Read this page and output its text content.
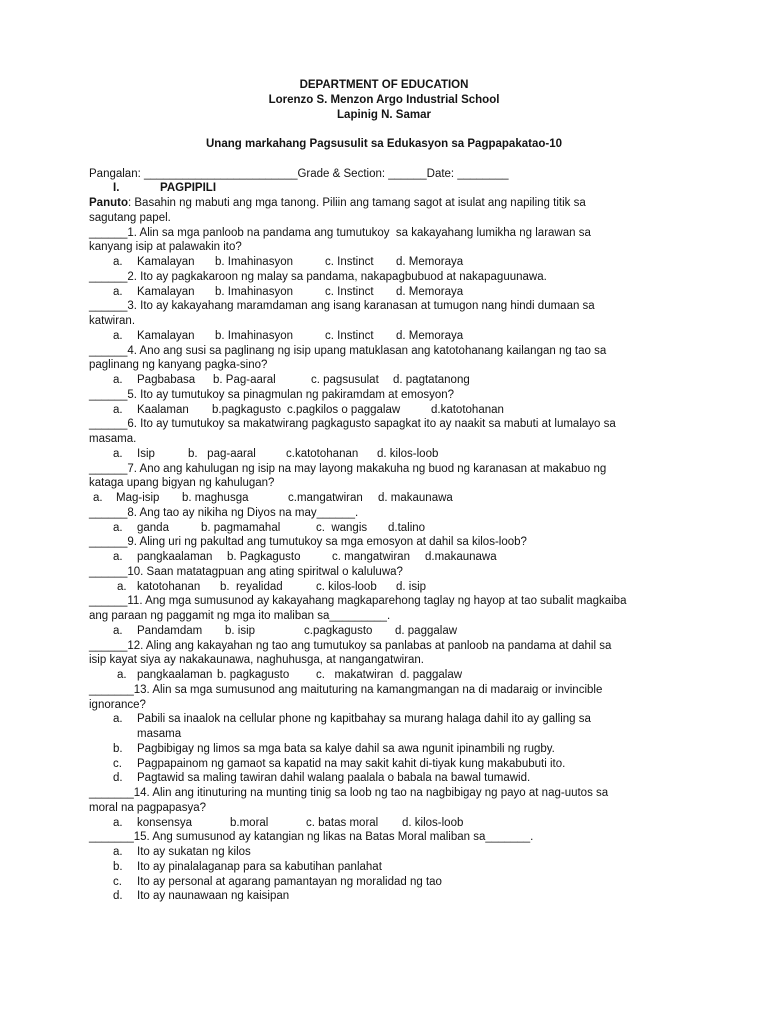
DEPARTMENT OF EDUCATION
Lorenzo S. Menzon Argo Industrial School
Lapinig N. Samar
Unang markahang Pagsusulit sa Edukasyon sa Pagpapakatao-10
Pangalan: ________________________Grade & Section: ______Date: ________

I.

	PAGPIPILI

Panuto: Basahin ng mabuti ang mga tanong. Piliin ang tamang sagot at isulat ang napiling titik sa
sagutang papel.
______1. Alin sa mga panloob na pandama ang tumutukoy  sa kakayahang lumikha ng larawan sa
kanyang isip at palawakin ito?

a.

Kamalayan

b. Imahinasyon

	c. Instinct

d. Memoraya

______2. Ito ay pagkakaroon ng malay sa pandama, nakapagbubuod at nakapaguunawa.

a.

Kamalayan

b. Imahinasyon

	c. Instinct

d. Memoraya

______3. Ito ay kakayahang maramdaman ang isang karanasan at tumugon nang hindi dumaan sa
katwiran.

a.

Kamalayan

b. Imahinasyon

	c. Instinct

d. Memoraya

______4. Ano ang susi sa paglinang ng isip upang matuklasan ang katotohanang kailangan ng tao sa
paglinang ng kanyang pagka-sino?

a.

Pagbabasa

b. Pag-aaral

	c. pagsusulat

d. pagtatanong

______5. Ito ay tumutukoy sa pinagmulan ng pakiramdam at emosyon?

a.

Kaalaman

b.pagkagusto

c.pagkilos o paggalaw

	d.katotohanan

______6. Ito ay tumutukoy sa makatwirang pagkagusto sapagkat ito ay naakit sa mabuti at lumalayo sa
masama.

a.

Isip

	b.   pag-aaral

	c.katotohanan

d. kilos-loob

______7. Ano ang kahulugan ng isip na may layong makakuha ng buod ng karanasan at makabuo ng
kataga upang bigyan ng kahulugan?

a.

Mag-isip

b. maghusga

	c.mangatwiran

d. makaunawa

______8. Ang tao ay nikiha ng Diyos na may______.

a.

ganda

	b. pagmamahal

	c.  wangis

d.talino

______9. Aling uri ng pakultad ang tumutukoy sa mga emosyon at dahil sa kilos-loob?

a.

pangkaalaman

b. Pagkagusto

	c. mangatwiran

d.makaunawa

______10. Saan matatagpuan ang ating spiritwal o kaluluwa?

a.

katotohanan

b.  reyalidad

	c. kilos-loob

d. isip

______11. Ang mga sumusunod ay kakayahang magkaparehong taglay ng hayop at tao subalit magkaiba
ang paraan ng paggamit ng mga ito maliban sa_________.

a.

Pandamdam

b. isip

	c.pagkagusto

d. paggalaw

______12. Aling ang kakayahan ng tao ang tumutukoy sa panlabas at panloob na pandama at dahil sa
isip kayat siya ay nakakaunawa, naghuhusga, at nangangatwiran.

a.

pangkaalaman

b. pagkagusto

c.   makatwiran

d. paggalaw

_______13. Alin sa mga sumusunod ang maituturing na kamangmangan na di madaraig or invincible
ignorance?

a.

Pabili sa inaalok na cellular phone ng kapitbahay sa murang halaga dahil ito ay galling sa

masama

b.

Pagbibigay ng limos sa mga bata sa kalye dahil sa awa ngunit ipinambili ng rugby.

c.

Pagpapainom ng gamaot sa kapatid na may sakit kahit di-tiyak kung makabubuti ito.

d.

Pagtawid sa maling tawiran dahil walang paalala o babala na bawal tumawid.

_______14. Alin ang itinuturing na munting tinig sa loob ng tao na nagbibigay ng payo at nag-uutos sa
moral na pagpapasya?

a.

konsensya

	b.moral

	c. batas moral

d. kilos-loob

_______15. Ang sumusunod ay katangian ng likas na Batas Moral maliban sa_______.

a.

Ito ay sukatan ng kilos

b.

Ito ay pinalalaganap para sa kabutihan panlahat

c.

Ito ay personal at agarang pamantayan ng moralidad ng tao

d.

Ito ay naunawaan ng kaisipan
